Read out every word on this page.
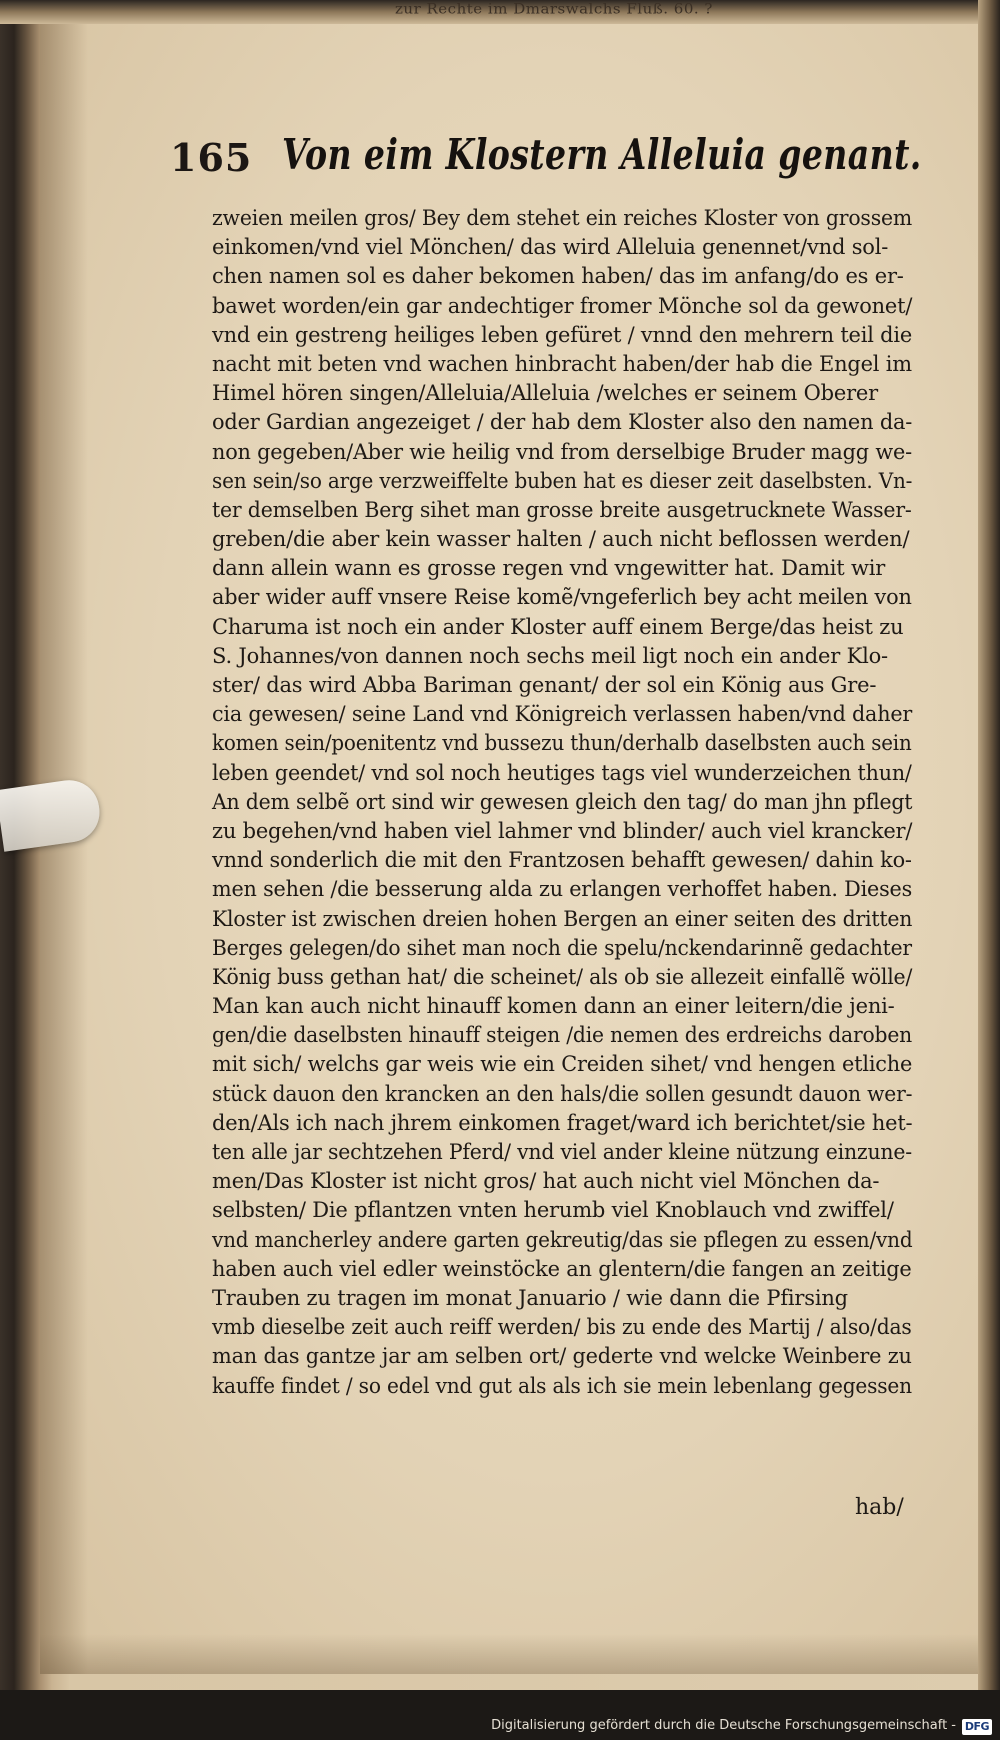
zur Rechte im Dmarswalchs Fluß. 60. ?
165 Von eim Klostern Alleluia genant.
zweien meilen gros/ Bey dem stehet ein reiches Kloster von grossem
einkomen/vnd viel Mönchen/ das wird Alleluia genennet/vnd sol-
chen namen sol es daher bekomen haben/ das im anfang/do es er-
bawet worden/ein gar andechtiger fromer Mönche sol da gewonet/
vnd ein gestreng heiliges leben gefüret / vnnd den mehrern teil die
nacht mit beten vnd wachen hinbracht haben/der hab die Engel im
Himel hören singen/Alleluia/Alleluia /welches er seinem Oberer
oder Gardian angezeiget / der hab dem Kloster also den namen da-
non gegeben/Aber wie heilig vnd from derselbige Bruder magg we-
sen sein/so arge verzweiffelte buben hat es dieser zeit daselbsten. Vn-
ter demselben Berg sihet man grosse breite ausgetrucknete Wasser-
greben/die aber kein wasser halten / auch nicht beflossen werden/
dann allein wann es grosse regen vnd vngewitter hat. Damit wir
aber wider auff vnsere Reise komẽ/vngeferlich bey acht meilen von
Charuma ist noch ein ander Kloster auff einem Berge/das heist zu
S. Johannes/von dannen noch sechs meil ligt noch ein ander Klo-
ster/ das wird Abba Bariman genant/ der sol ein König aus Gre-
cia gewesen/ seine Land vnd Königreich verlassen haben/vnd daher
komen sein/poenitentz vnd bussezu thun/derhalb daselbsten auch sein
leben geendet/ vnd sol noch heutiges tags viel wunderzeichen thun/
An dem selbẽ ort sind wir gewesen gleich den tag/ do man jhn pflegt
zu begehen/vnd haben viel lahmer vnd blinder/ auch viel krancker/
vnnd sonderlich die mit den Frantzosen behafft gewesen/ dahin ko-
men sehen /die besserung alda zu erlangen verhoffet haben. Dieses
Kloster ist zwischen dreien hohen Bergen an einer seiten des dritten
Berges gelegen/do sihet man noch die spelu/nckendarinnẽ gedachter
König buss gethan hat/ die scheinet/ als ob sie allezeit einfallẽ wölle/
Man kan auch nicht hinauff komen dann an einer leitern/die jeni-
gen/die daselbsten hinauff steigen /die nemen des erdreichs daroben
mit sich/ welchs gar weis wie ein Creiden sihet/ vnd hengen etliche
stück dauon den krancken an den hals/die sollen gesundt dauon wer-
den/Als ich nach jhrem einkomen fraget/ward ich berichtet/sie het-
ten alle jar sechtzehen Pferd/ vnd viel ander kleine nützung einzune-
men/Das Kloster ist nicht gros/ hat auch nicht viel Mönchen da-
selbsten/ Die pflantzen vnten herumb viel Knoblauch vnd zwiffel/
vnd mancherley andere garten gekreutig/das sie pflegen zu essen/vnd
haben auch viel edler weinstöcke an glentern/die fangen an zeitige
Trauben zu tragen im monat Januario / wie dann die Pfirsing
vmb dieselbe zeit auch reiff werden/ bis zu ende des Martij / also/das
man das gantze jar am selben ort/ gederte vnd welcke Weinbere zu
kauffe findet / so edel vnd gut als als ich sie mein lebenlang gegessen
hab/
Digitalisierung gefördert durch die Deutsche Forschungsgemeinschaft - DFG
